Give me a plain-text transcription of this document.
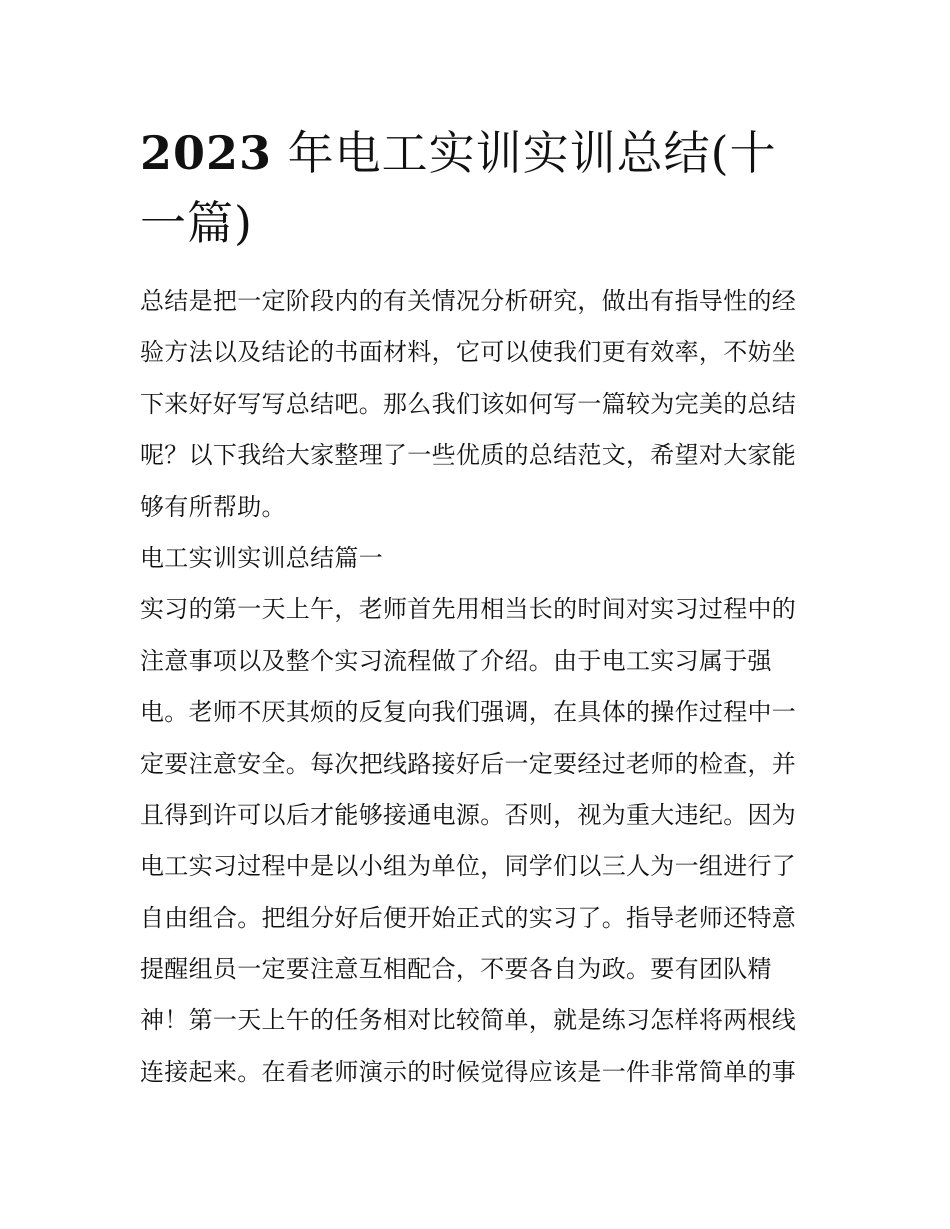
2023 年电工实训实训总结(十
一篇)
总结是把一定阶段内的有关情况分析研究，做出有指导性的经
验方法以及结论的书面材料，它可以使我们更有效率，不妨坐
下来好好写写总结吧。那么我们该如何写一篇较为完美的总结
呢？以下我给大家整理了一些优质的总结范文，希望对大家能
够有所帮助。
电工实训实训总结篇一
实习的第一天上午，老师首先用相当长的时间对实习过程中的
注意事项以及整个实习流程做了介绍。由于电工实习属于强
电。老师不厌其烦的反复向我们强调，在具体的操作过程中一
定要注意安全。每次把线路接好后一定要经过老师的检查，并
且得到许可以后才能够接通电源。否则，视为重大违纪。因为
电工实习过程中是以小组为单位，同学们以三人为一组进行了
自由组合。把组分好后便开始正式的实习了。指导老师还特意
提醒组员一定要注意互相配合，不要各自为政。要有团队精
神！第一天上午的任务相对比较简单，就是练习怎样将两根线
连接起来。在看老师演示的时候觉得应该是一件非常简单的事
